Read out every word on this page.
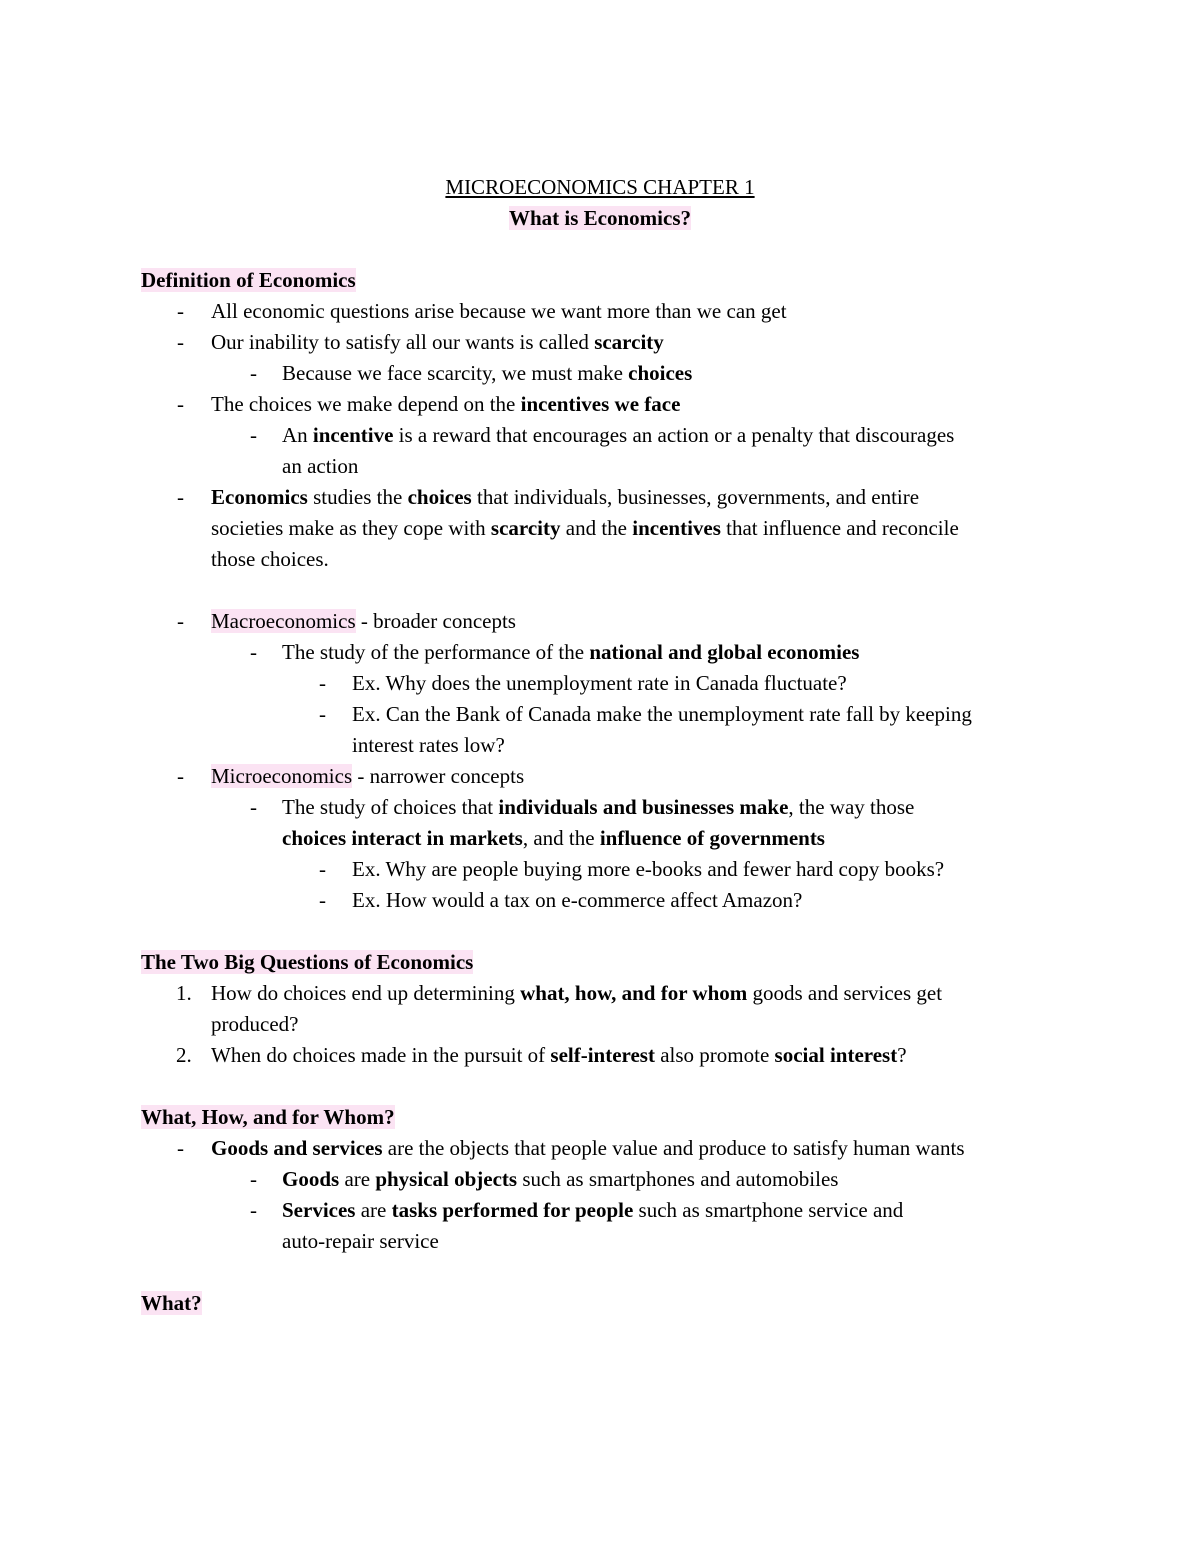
MICROECONOMICS CHAPTER 1
What is Economics?
Definition of Economics
- All economic questions arise because we want more than we can get
- Our inability to satisfy all our wants is called scarcity
- Because we face scarcity, we must make choices
- The choices we make depend on the incentives we face
- An incentive is a reward that encourages an action or a penalty that discourages
an action
- Economics studies the choices that individuals, businesses, governments, and entire
societies make as they cope with scarcity and the incentives that influence and reconcile
those choices.
- Macroeconomics - broader concepts
- The study of the performance of the national and global economies
- Ex. Why does the unemployment rate in Canada fluctuate?
- Ex. Can the Bank of Canada make the unemployment rate fall by keeping
interest rates low?
- Microeconomics - narrower concepts
- The study of choices that individuals and businesses make, the way those
choices interact in markets, and the influence of governments
- Ex. Why are people buying more e-books and fewer hard copy books?
- Ex. How would a tax on e-commerce affect Amazon?
The Two Big Questions of Economics
1. How do choices end up determining what, how, and for whom goods and services get
produced?
2. When do choices made in the pursuit of self-interest also promote social interest?
What, How, and for Whom?
- Goods and services are the objects that people value and produce to satisfy human wants
- Goods are physical objects such as smartphones and automobiles
- Services are tasks performed for people such as smartphone service and
auto-repair service
What?
